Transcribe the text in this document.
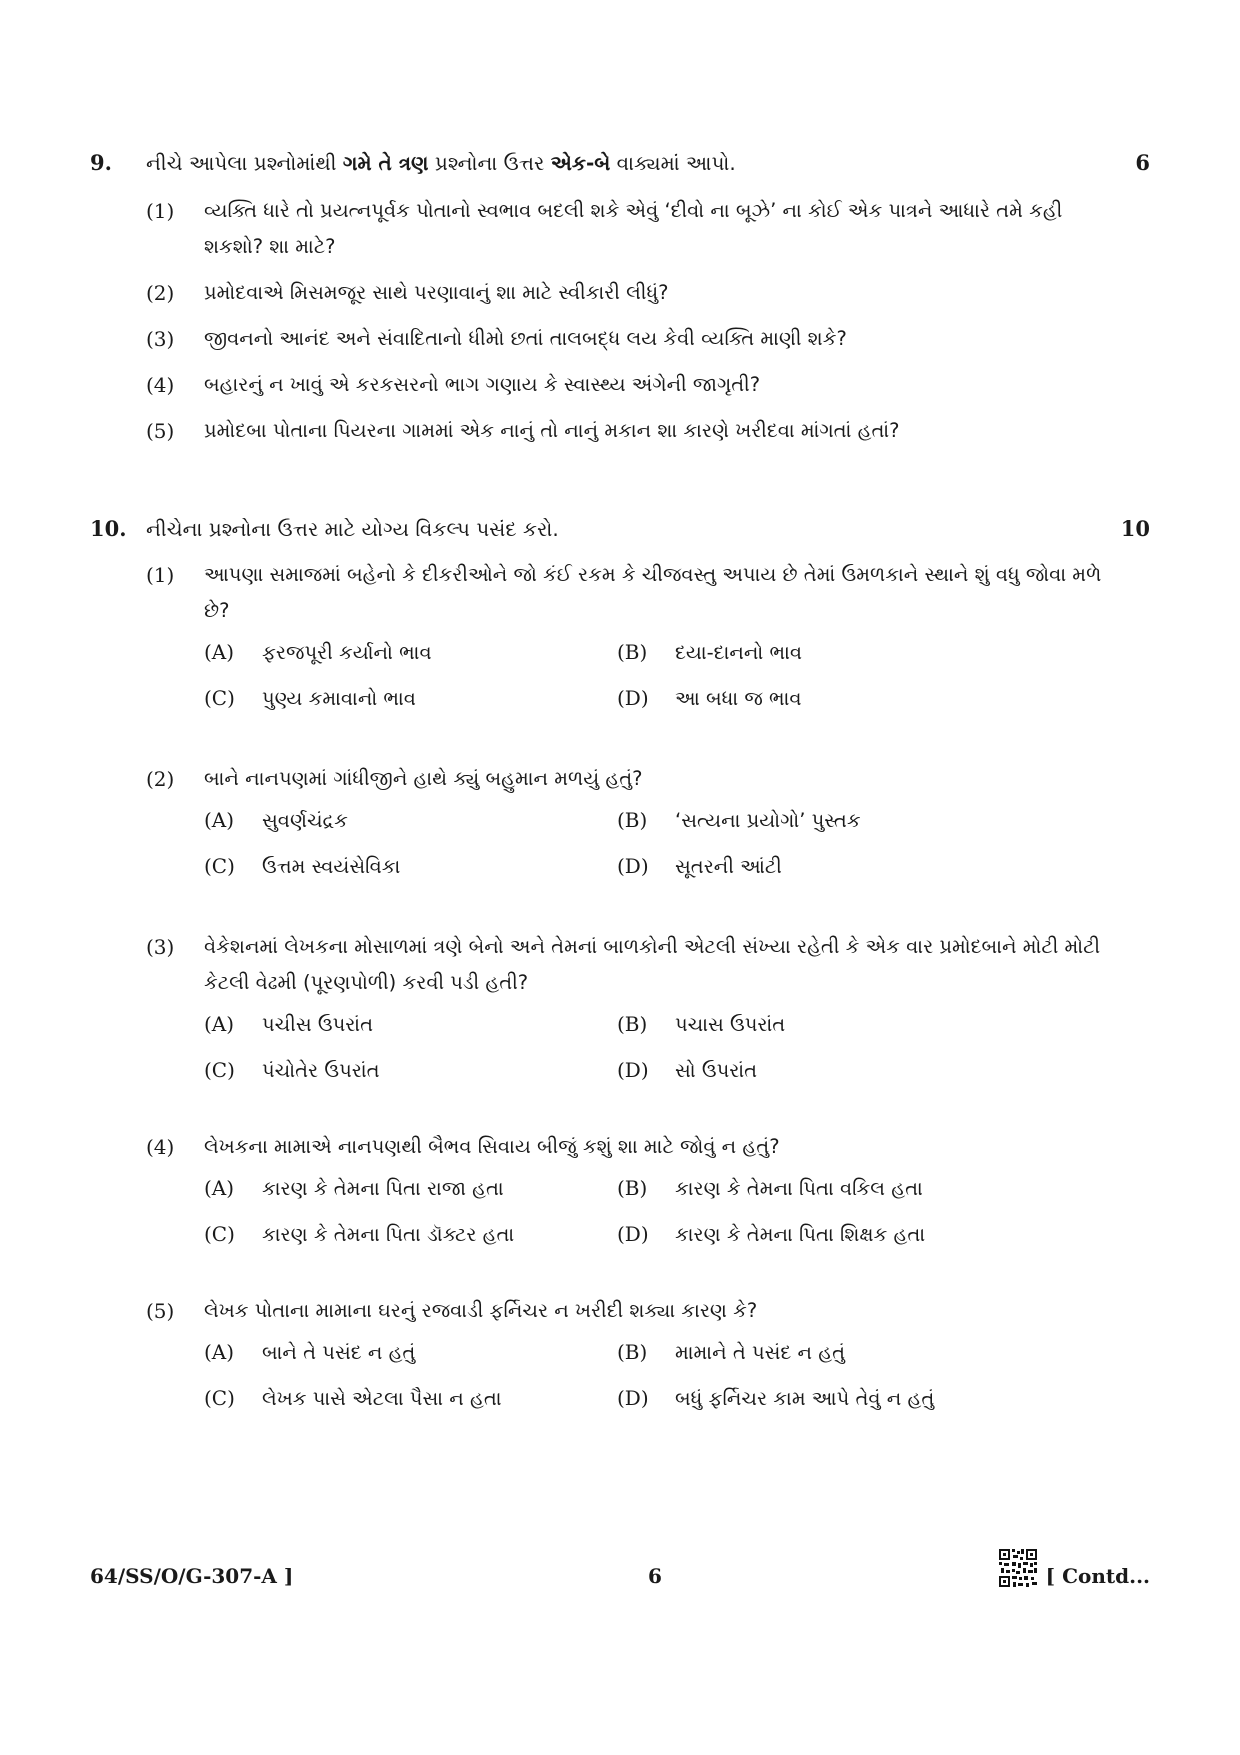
9. નીચે આપેલા પ્રશ્નોમાંથી ગમે તે ત્રણ પ્રશ્નોના ઉત્તર એક-બે વાક્યમાં આપો.	6
(1) વ્યક્તિ ધારે તો પ્રયત્નપૂર્વક પોતાનો સ્વભાવ બદલી શકે એવું ‘દીવો ના બૂઝે’ ના કોઈ એક પાત્રને આધારે તમે કહી શકશો? શા માટે?
(2) પ્રમોદવાએ મિસમજૂર સાથે પરણાવાનું શા માટે સ્વીકારી લીધું?
(3) જીવનનો આનંદ અને સંવાદિતાનો ધીમો છતાં તાલબદ્ધ લય કેવી વ્યક્તિ માણી શકે?
(4) બહારનું ન ખાવું એ કરકસરનો ભાગ ગણાય કે સ્વાસ્થ્ય અંગેની જાગૃતી?
(5) પ્રમોદબા પોતાના પિયરના ગામમાં એક નાનું તો નાનું મકાન શા કારણે ખરીદવા માંગતાં હતાં?
10. નીચેના પ્રશ્નોના ઉત્તર માટે યોગ્ય વિકલ્પ પસંદ કરો.	10
(1) આપણા સમાજમાં બહેનો કે દીકરીઓને જો કંઈ રકમ કે ચીજવસ્તુ અપાય છે તેમાં ઉમળકાને સ્થાને શું વધુ જોવા મળે છે?
(A) ફરજપૂરી કર્યાનો ભાવ	(B) દયા-દાનનો ભાવ
(C) પુણ્ય કમાવાનો ભાવ	(D) આ બધા જ ભાવ
(2) બાને નાનપણમાં ગાંધીજીને હાથે ક્યું બહુમાન મળયું હતું?
(A) સુવર્ણચંદ્રક	(B) ‘સત્યના પ્રયોગો’ પુસ્તક
(C) ઉત્તમ સ્વયંસેવિકા	(D) સૂતરની આંટી
(3) વેકેશનમાં લેખકના મોસાળમાં ત્રણે બેનો અને તેમનાં બાળકોની એટલી સંખ્યા રહેતી કે એક વાર પ્રમોદબાને મોટી મોટી કેટલી વેઢમી (પૂરણપોળી) કરવી પડી હતી?
(A) પચીસ ઉપરાંત	(B) પચાસ ઉપરાંત
(C) પંચોતેર ઉપરાંત	(D) સો ઉપરાંત
(4) લેખકના મામાએ નાનપણથી બૈભવ સિવાય બીજું કશું શા માટે જોવું ન હતું?
(A) કારણ કે તેમના પિતા રાજા હતા	(B) કારણ કે તેમના પિતા વકિલ હતા
(C) કારણ કે તેમના પિતા ડૉક્ટર હતા	(D) કારણ કે તેમના પિતા શિક્ષક હતા
(5) લેખક પોતાના મામાના ઘરનું રજવાડી ફર્નિચર ન ખરીદી શક્યા કારણ કે?
(A) બાને તે પસંદ ન હતું	(B) મામાને તે પસંદ ન હતું
(C) લેખક પાસે એટલા પૈસા ન હતા	(D) બધું ફર્નિચર કામ આપે તેવું ન હતું
64/SS/O/G-307-A ]	6	[ Contd...
